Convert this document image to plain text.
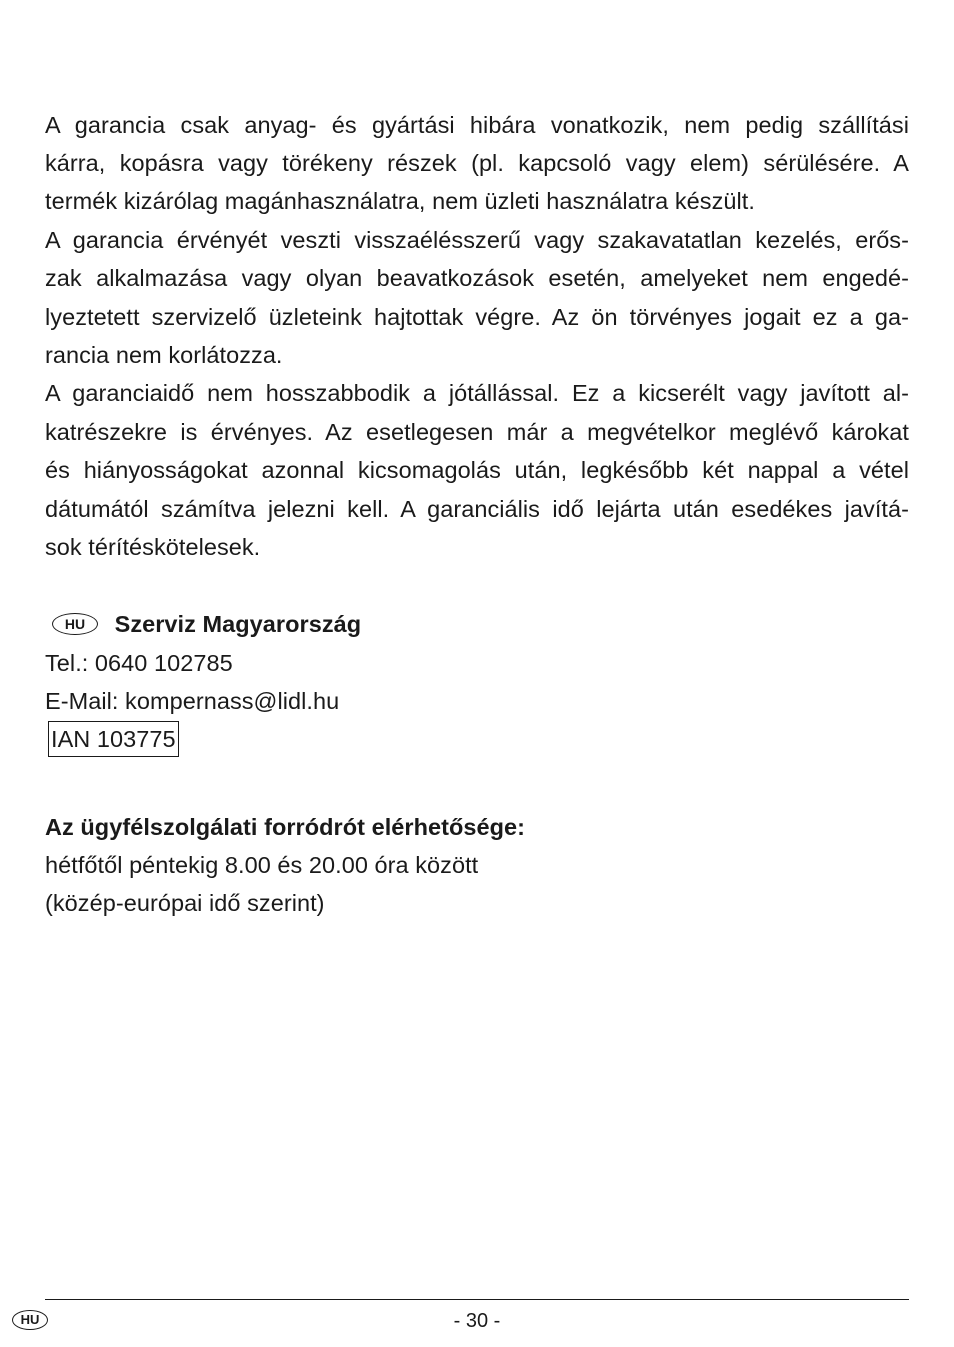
A garancia csak anyag- és gyártási hibára vonatkozik, nem pedig szállítási
kárra, kopásra vagy törékeny részek (pl. kapcsoló vagy elem) sérülésére. A
termék kizárólag magánhasználatra, nem üzleti használatra készült.
A garancia érvényét veszti visszaélésszerű vagy szakavatatlan kezelés, erős-
zak alkalmazása vagy olyan beavatkozások esetén, amelyeket nem engedé-
lyeztetett szervizelő üzleteink hajtottak végre. Az ön törvényes jogait ez a ga-
rancia nem korlátozza.
A garanciaidő nem hosszabbodik a jótállással. Ez a kicserélt vagy javított al-
katrészekre is érvényes. Az esetlegesen már a megvételkor meglévő károkat
és hiányosságokat azonnal kicsomagolás után, legkésőbb két nappal a vétel
dátumától számítva jelezni kell. A garanciális idő lejárta után esedékes javítá-
sok térítéskötelesek.
HU Szerviz Magyarország
Tel.: 0640 102785
E-Mail: kompernass@lidl.hu
IAN 103775
Az ügyfélszolgálati forródrót elérhetősége:
hétfőtől péntekig 8.00 és 20.00 óra között
(közép-európai idő szerint)
HU	- 30 -
